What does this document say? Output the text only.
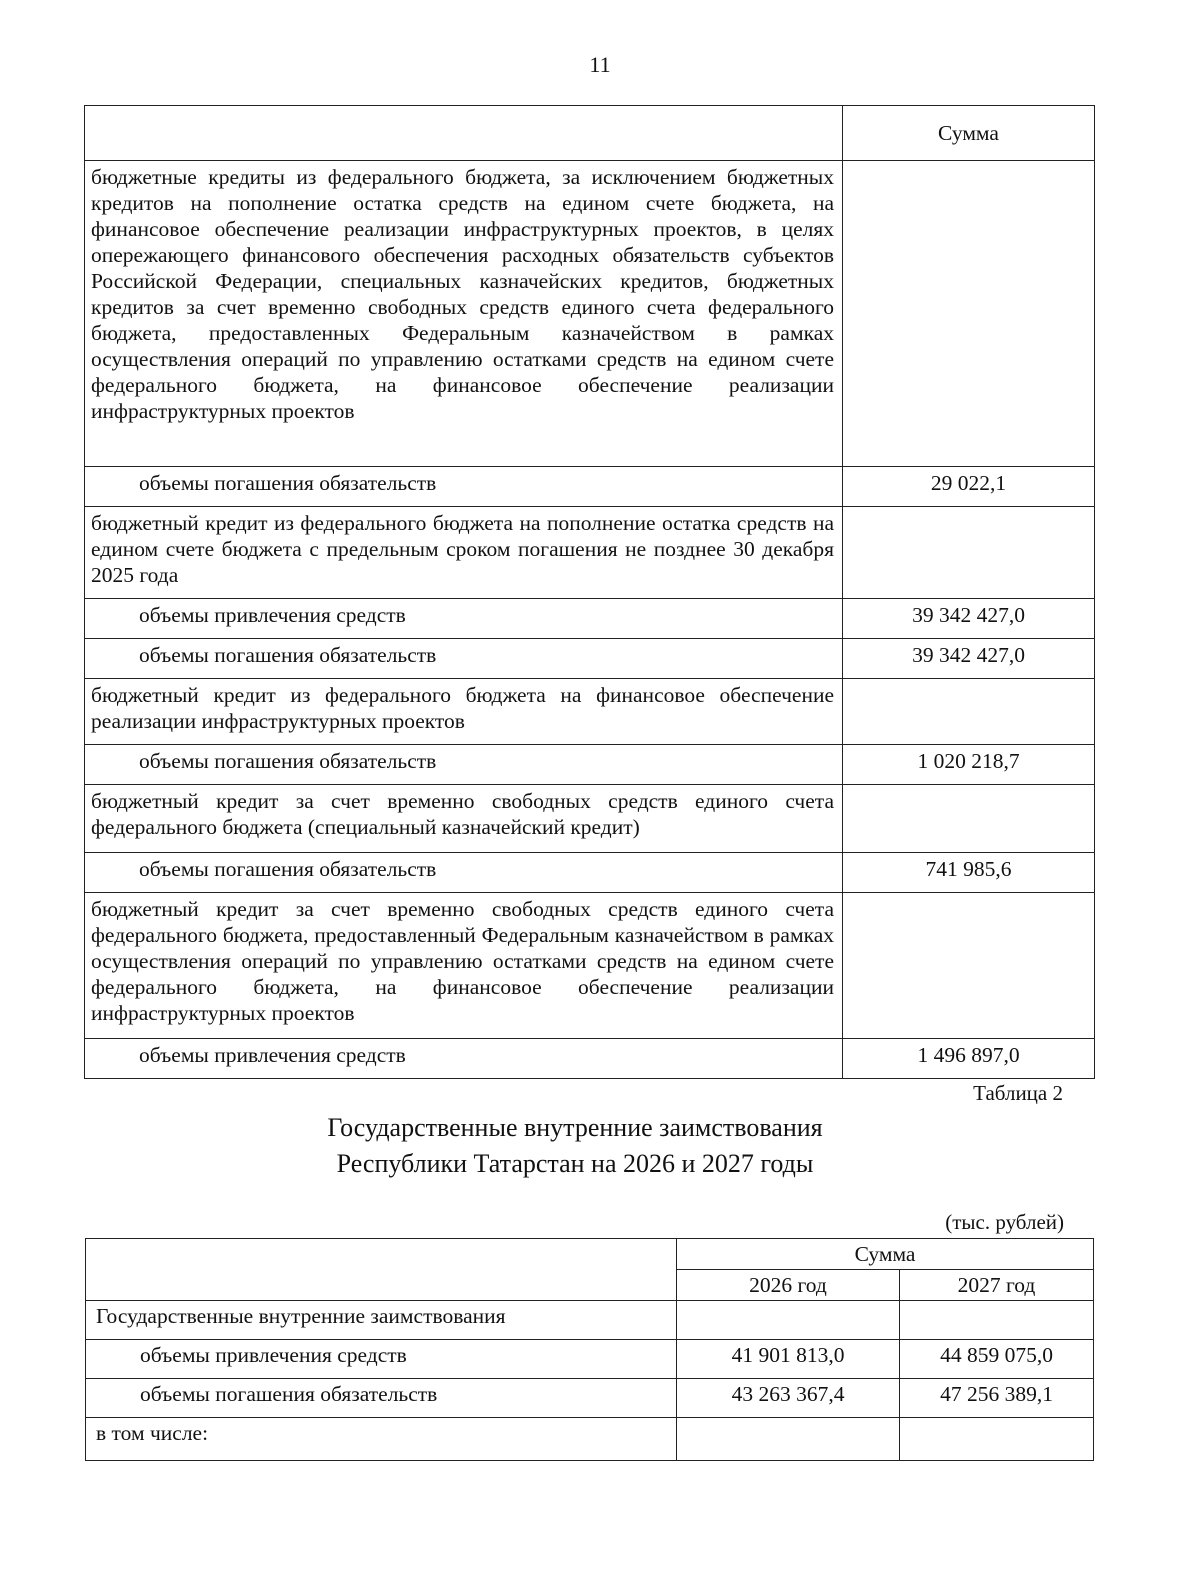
11
	Сумма
бюджетные кредиты из федерального бюджета, за исключением бюджетных кредитов на пополнение остатка средств на едином счете бюджета, на финансовое обеспечение реализации инфраструктурных проектов, в целях опережающего финансового обеспечения расходных обязательств субъектов Российской Федерации, специальных казначейских кредитов, бюджетных кредитов за счет временно свободных средств единого счета федерального бюджета, предоставленных Федеральным казначейством в рамках осуществления операций по управлению остатками средств на едином счете федерального бюджета, на финансовое обеспечение реализации инфраструктурных проектов	
объемы погашения обязательств	29 022,1
бюджетный кредит из федерального бюджета на пополнение остатка средств на едином счете бюджета с предельным сроком погашения не позднее 30 декабря 2025 года	
объемы привлечения средств	39 342 427,0
объемы погашения обязательств	39 342 427,0
бюджетный кредит из федерального бюджета на финансовое обеспечение реализации инфраструктурных проектов	
объемы погашения обязательств	1 020 218,7
бюджетный кредит за счет временно свободных средств единого счета федерального бюджета (специальный казначейский кредит)	
объемы погашения обязательств	741 985,6
бюджетный кредит за счет временно свободных средств единого счета федерального бюджета, предоставленный Федеральным казначейством в рамках осуществления операций по управлению остатками средств на едином счете федерального бюджета, на финансовое обеспечение реализации инфраструктурных проектов	
объемы привлечения средств	1 496 897,0
Таблица 2
Государственные внутренние заимствования
Республики Татарстан на 2026 и 2027 годы
(тыс. рублей)
	Сумма	
	2026 год	2027 год
Государственные внутренние заимствования		
объемы привлечения средств	41 901 813,0	44 859 075,0
объемы погашения обязательств	43 263 367,4	47 256 389,1
в том числе:		
